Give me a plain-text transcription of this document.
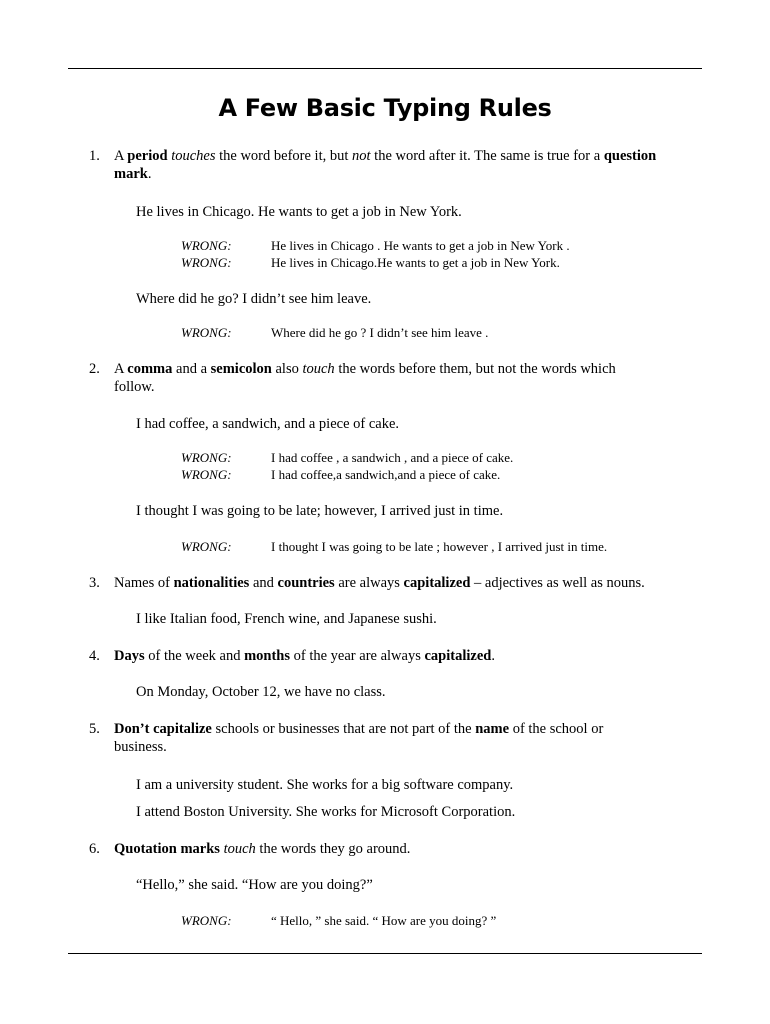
A Few Basic Typing Rules
1. A period touches the word before it, but not the word after it. The same is true for a question mark.
He lives in Chicago. He wants to get a job in New York.
WRONG:	He lives in Chicago . He wants to get a job in New York .
WRONG:	He lives in Chicago.He wants to get a job in New York.
Where did he go? I didn’t see him leave.
WRONG:	Where did he go ? I didn’t see him leave .
2. A comma and a semicolon also touch the words before them, but not the words which follow.
I had coffee, a sandwich, and a piece of cake.
WRONG:	I had coffee , a sandwich , and a piece of cake.
WRONG:	I had coffee,a sandwich,and a piece of cake.
I thought I was going to be late; however, I arrived just in time.
WRONG:	I thought I was going to be late ; however , I arrived just in time.
3. Names of nationalities and countries are always capitalized – adjectives as well as nouns.
I like Italian food, French wine, and Japanese sushi.
4. Days of the week and months of the year are always capitalized.
On Monday, October 12, we have no class.
5. Don’t capitalize schools or businesses that are not part of the name of the school or business.
I am a university student. She works for a big software company.
I attend Boston University. She works for Microsoft Corporation.
6. Quotation marks touch the words they go around.
“Hello,” she said. “How are you doing?”
WRONG:	“ Hello, ” she said. “ How are you doing? ”
